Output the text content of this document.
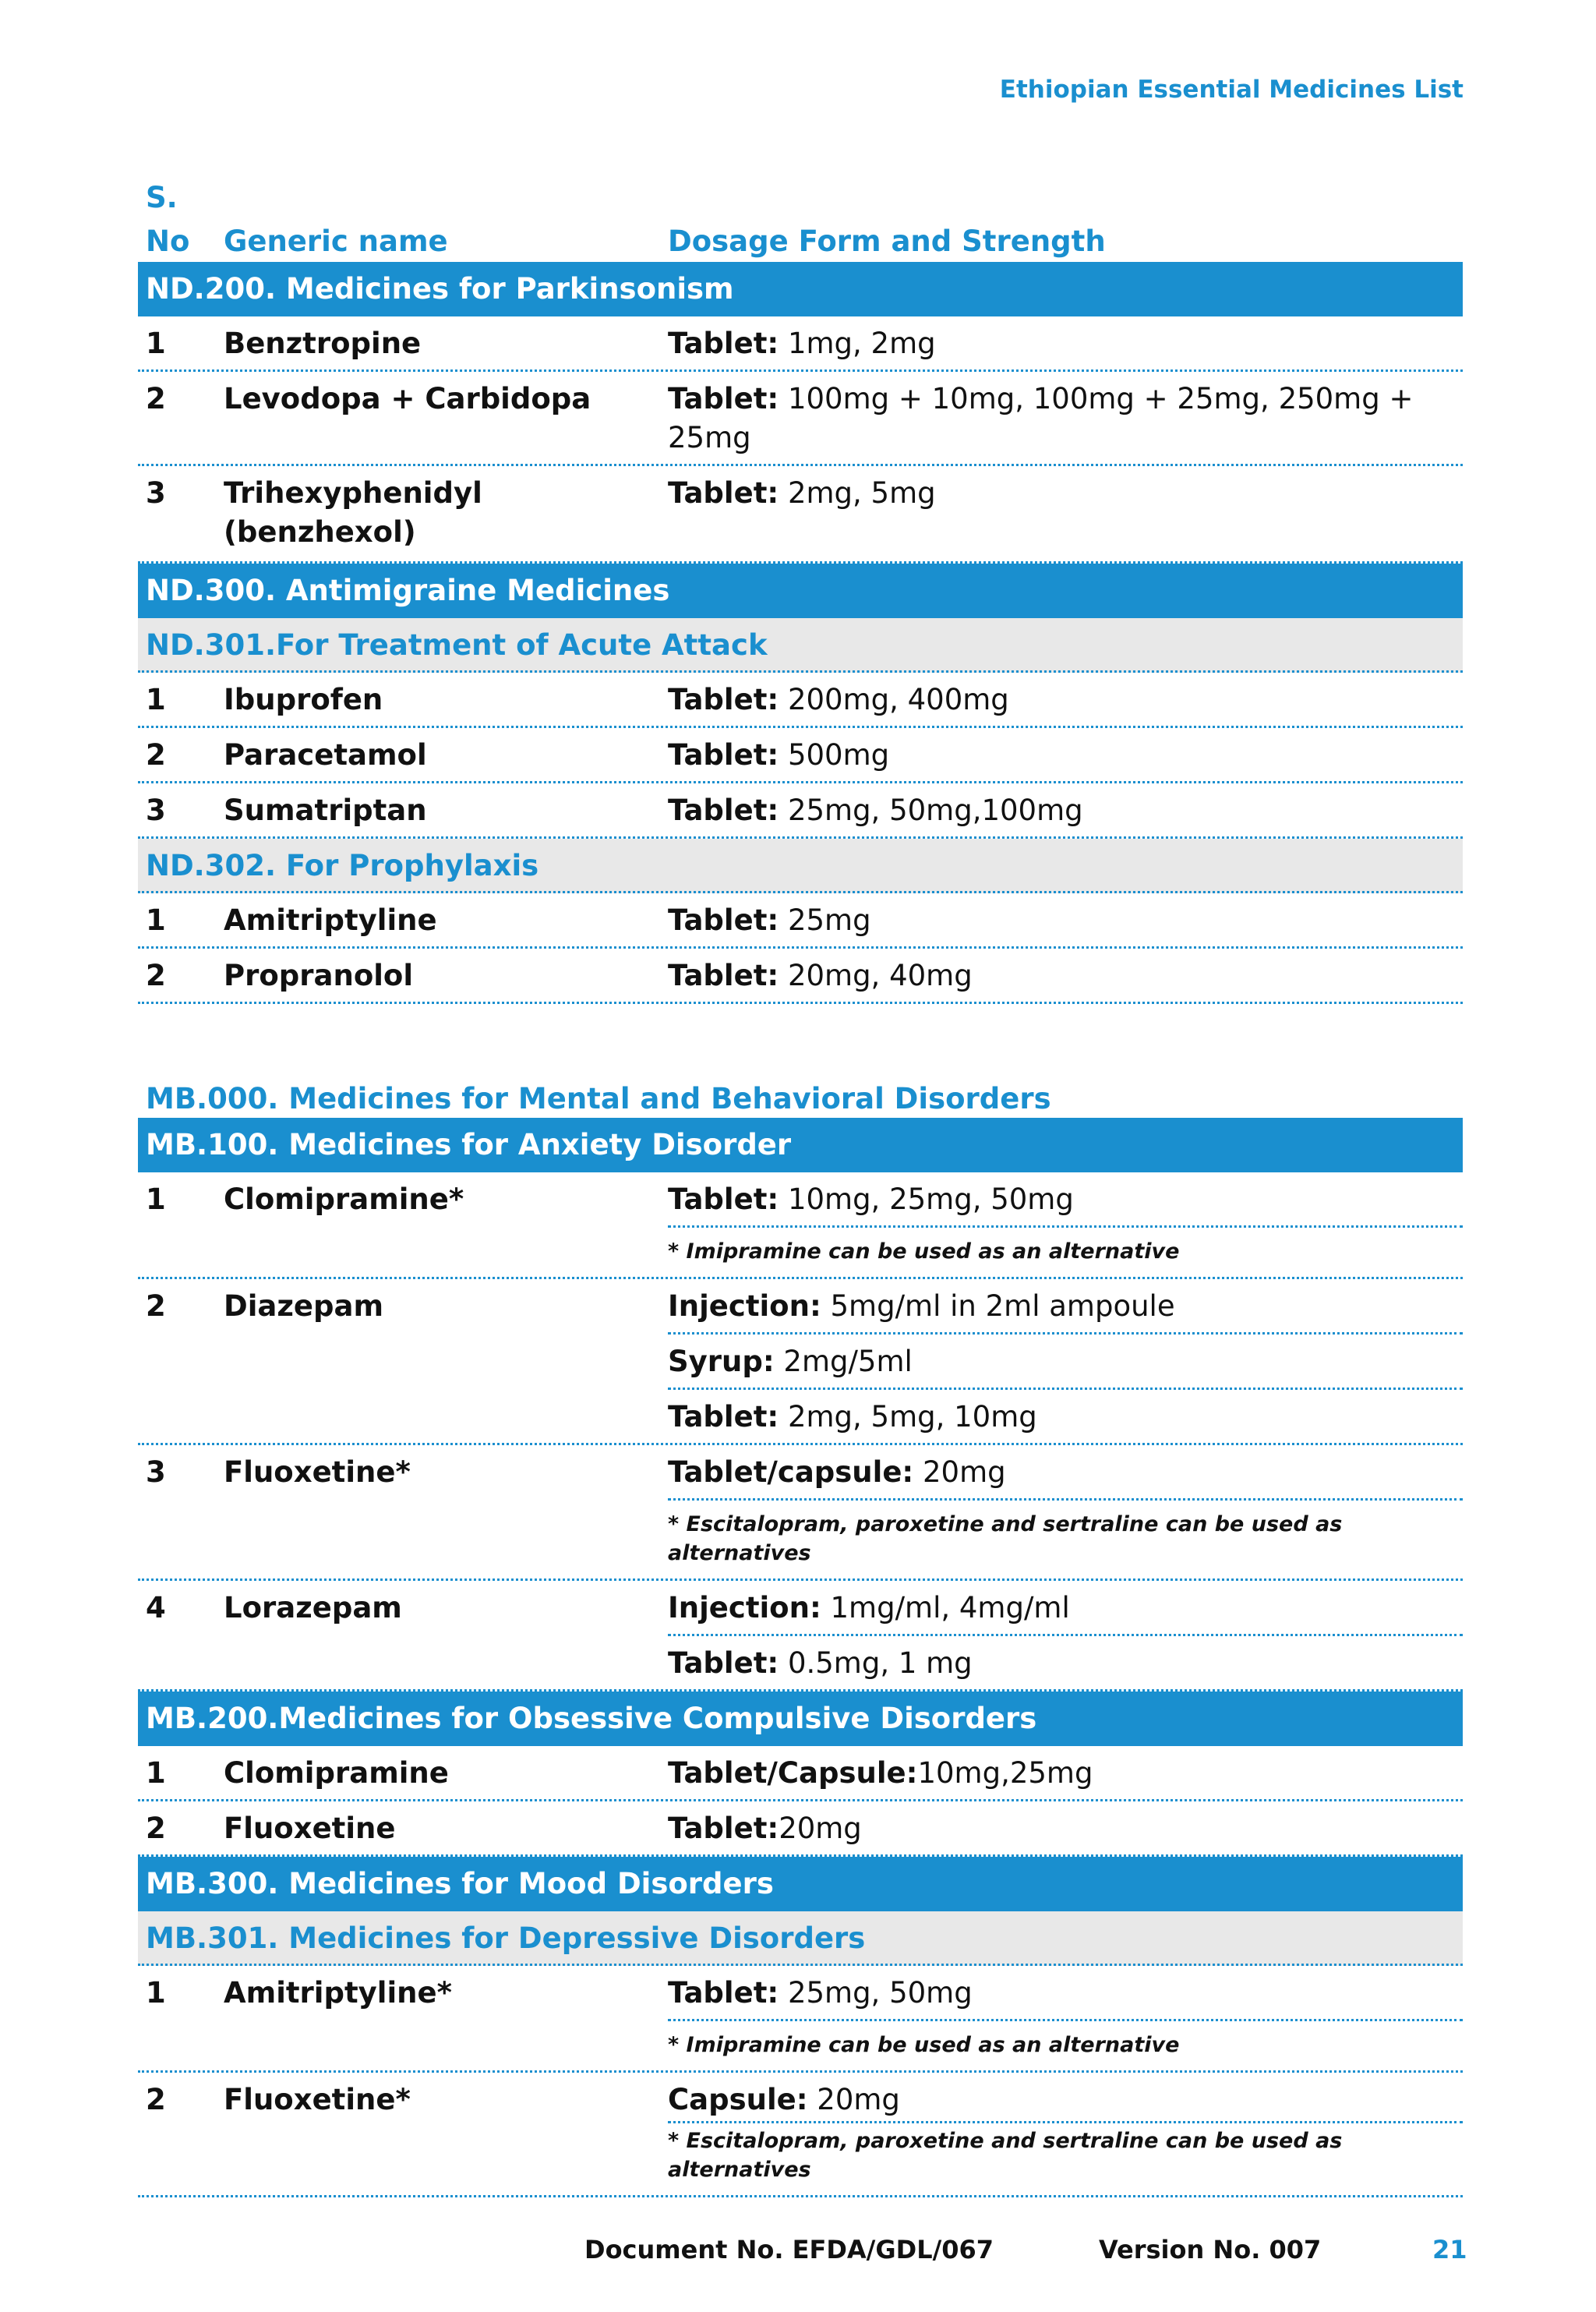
Ethiopian Essential Medicines List
S.
No Generic name	Dosage Form and Strength
ND.200. Medicines for Parkinsonism
1	Benztropine	Tablet: 1mg, 2mg
2	Levodopa + Carbidopa	Tablet: 100mg + 10mg, 100mg + 25mg, 250mg + 25mg
3	Trihexyphenidyl (benzhexol)
Tablet: 2mg, 5mg
ND.300. Antimigraine Medicines
ND.301.For Treatment of Acute Attack
1	Ibuprofen	Tablet: 200mg, 400mg
2	Paracetamol	Tablet: 500mg
3	Sumatriptan	Tablet: 25mg, 50mg,100mg
ND.302. For Prophylaxis
1	Amitriptyline	Tablet: 25mg
2	Propranolol	Tablet: 20mg, 40mg
MB.000. Medicines for Mental and Behavioral Disorders
MB.100. Medicines for Anxiety Disorder
1	Clomipramine*	Tablet: 10mg, 25mg, 50mg
* Imipramine can be used as an alternative
2	Diazepam	Injection: 5mg/ml in 2ml ampoule
Syrup: 2mg/5ml
Tablet: 2mg, 5mg, 10mg
3	Fluoxetine*	Tablet/capsule: 20mg
* Escitalopram, paroxetine and sertraline can be used as alternatives
4	Lorazepam	Injection: 1mg/ml, 4mg/ml
Tablet: 0.5mg, 1 mg
MB.200.Medicines for Obsessive Compulsive Disorders
1	Clomipramine	Tablet/Capsule:10mg,25mg
2	Fluoxetine	Tablet:20mg
MB.300. Medicines for Mood Disorders
MB.301. Medicines for Depressive Disorders
1	Amitriptyline*	Tablet: 25mg, 50mg
* Imipramine can be used as an alternative
2	Fluoxetine*	Capsule: 20mg
* Escitalopram, paroxetine and sertraline can be used as alternatives
Document No. EFDA/GDL/067	Version No. 007	21
